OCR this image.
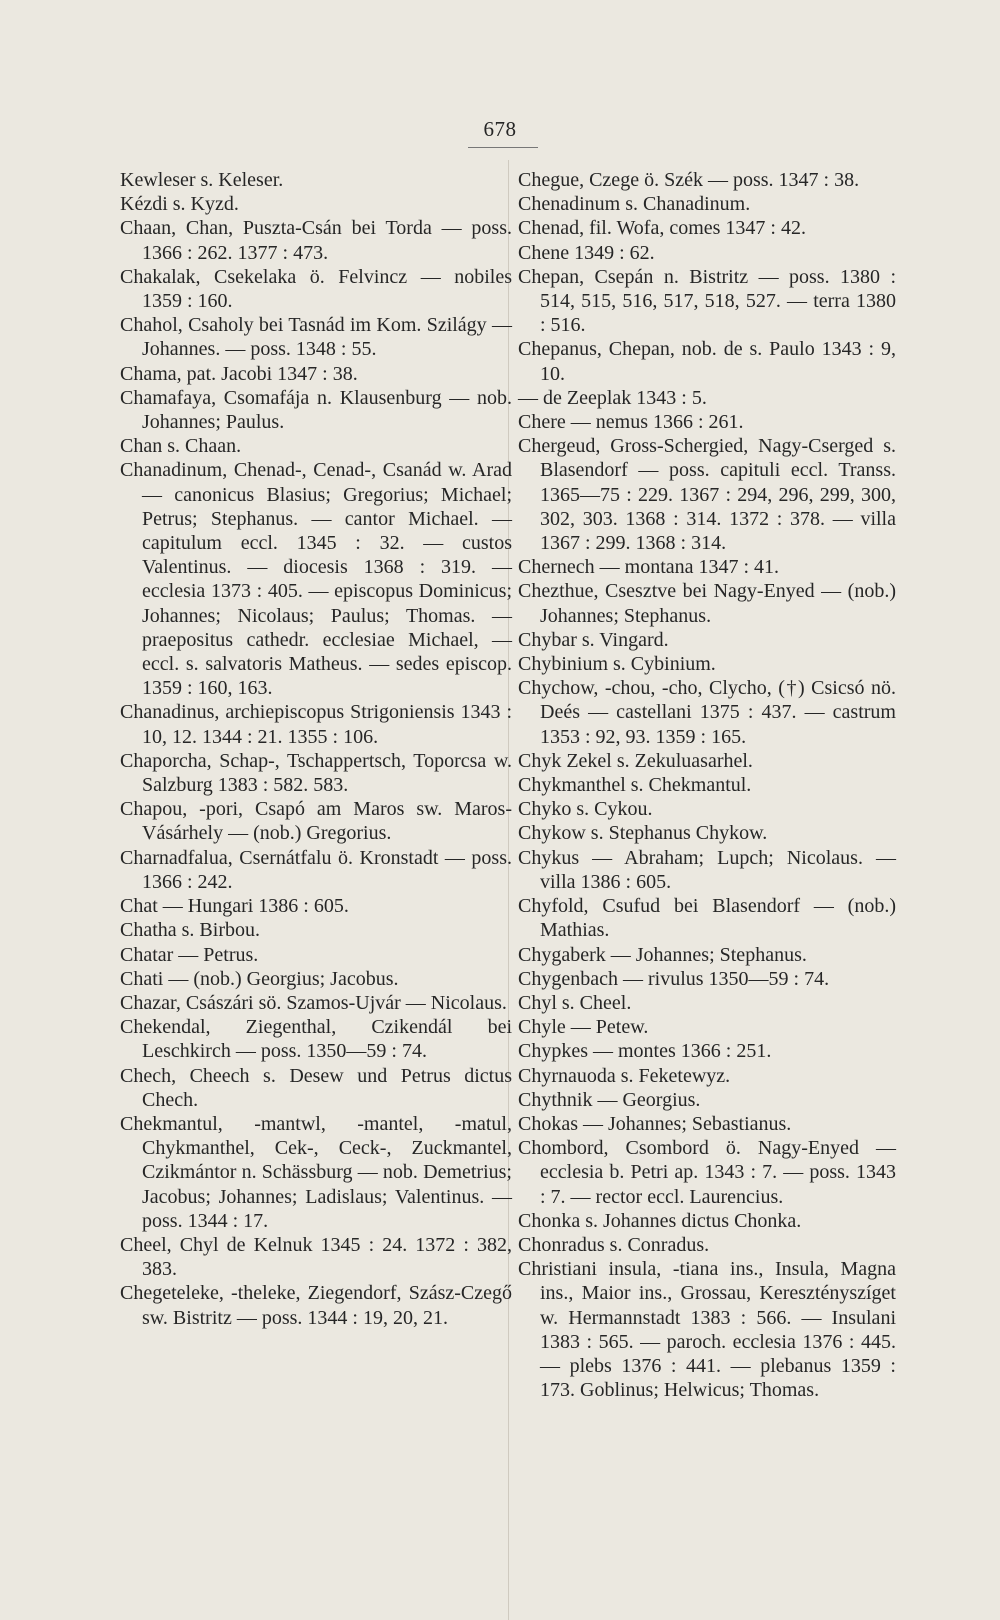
678

Kewleser s. Keleser.

Kézdi s. Kyzd.

Chaan, Chan, Puszta-Csán bei Torda — poss. 1366 : 262. 1377 : 473.

Chakalak, Csekelaka ö. Felvincz — nobiles 1359 : 160.

Chahol, Csaholy bei Tasnád im Kom. Szilágy — Johannes. — poss. 1348 : 55.

Chama, pat. Jacobi 1347 : 38.

Chamafaya, Csomafája n. Klausenburg — nob. Johannes; Paulus.

Chan s. Chaan.

Chanadinum, Chenad-, Cenad-, Csanád w. Arad — canonicus Blasius; Gregorius; Michael; Petrus; Stephanus. — cantor Michael. — capitulum eccl. 1345 : 32. — custos Valentinus. — diocesis 1368 : 319. — ecclesia 1373 : 405. — episcopus Dominicus; Johannes; Nicolaus; Paulus; Thomas. — praepositus cathedr. ecclesiae Michael, — eccl. s. salvatoris Matheus. — sedes episcop. 1359 : 160, 163.

Chanadinus, archiepiscopus Strigoniensis 1343 : 10, 12. 1344 : 21. 1355 : 106.

Chaporcha, Schap-, Tschappertsch, Toporcsa w. Salzburg 1383 : 582. 583.

Chapou, -pori, Csapó am Maros sw. Maros-Vásárhely — (nob.) Gregorius.

Charnadfalua, Csernátfalu ö. Kronstadt — poss. 1366 : 242.

Chat — Hungari 1386 : 605.

Chatha s. Birbou.

Chatar — Petrus.

Chati — (nob.) Georgius; Jacobus.

Chazar, Császári sö. Szamos-Ujvár — Nicolaus.

Chekendal, Ziegenthal, Czikendál bei Leschkirch — poss. 1350—59 : 74.

Chech, Cheech s. Desew und Petrus dictus Chech.

Chekmantul, -mantwl, -mantel, -matul, Chykmanthel, Cek-, Ceck-, Zuckmantel, Czikmántor n. Schässburg — nob. Demetrius; Jacobus; Johannes; Ladislaus; Valentinus. — poss. 1344 : 17.

Cheel, Chyl de Kelnuk 1345 : 24. 1372 : 382, 383.

Chegeteleke, -theleke, Ziegendorf, Szász-Czegő sw. Bistritz — poss. 1344 : 19, 20, 21.

Chegue, Czege ö. Szék — poss. 1347 : 38.

Chenadinum s. Chanadinum.

Chenad, fil. Wofa, comes 1347 : 42.

Chene 1349 : 62.

Chepan, Csepán n. Bistritz — poss. 1380 : 514, 515, 516, 517, 518, 527. — terra 1380 : 516.

Chepanus, Chepan, nob. de s. Paulo 1343 : 9, 10.

— de Zeeplak 1343 : 5.

Chere — nemus 1366 : 261.

Chergeud, Gross-Schergied, Nagy-Cserged s. Blasendorf — poss. capituli eccl. Transs. 1365—75 : 229. 1367 : 294, 296, 299, 300, 302, 303. 1368 : 314. 1372 : 378. — villa 1367 : 299. 1368 : 314.

Chernech — montana 1347 : 41.

Chezthue, Csesztve bei Nagy-Enyed — (nob.) Johannes; Stephanus.

Chybar s. Vingard.

Chybinium s. Cybinium.

Chychow, -chou, -cho, Clycho, (†) Csicsó nö. Deés — castellani 1375 : 437. — castrum 1353 : 92, 93. 1359 : 165.

Chyk Zekel s. Zekuluasarhel.

Chykmanthel s. Chekmantul.

Chyko s. Cykou.

Chykow s. Stephanus Chykow.

Chykus — Abraham; Lupch; Nicolaus. — villa 1386 : 605.

Chyfold, Csufud bei Blasendorf — (nob.) Mathias.

Chygaberk — Johannes; Stephanus.

Chygenbach — rivulus 1350—59 : 74.

Chyl s. Cheel.

Chyle — Petew.

Chypkes — montes 1366 : 251.

Chyrnauoda s. Feketewyz.

Chythnik — Georgius.

Chokas — Johannes; Sebastianus.

Chombord, Csombord ö. Nagy-Enyed — ecclesia b. Petri ap. 1343 : 7. — poss. 1343 : 7. — rector eccl. Laurencius.

Chonka s. Johannes dictus Chonka.

Chonradus s. Conradus.

Christiani insula, -tiana ins., Insula, Magna ins., Maior ins., Grossau, Keresztényszíget w. Hermannstadt 1383 : 566. — Insulani 1383 : 565. — paroch. ecclesia 1376 : 445. — plebs 1376 : 441. — plebanus 1359 : 173. Goblinus; Helwicus; Thomas.
